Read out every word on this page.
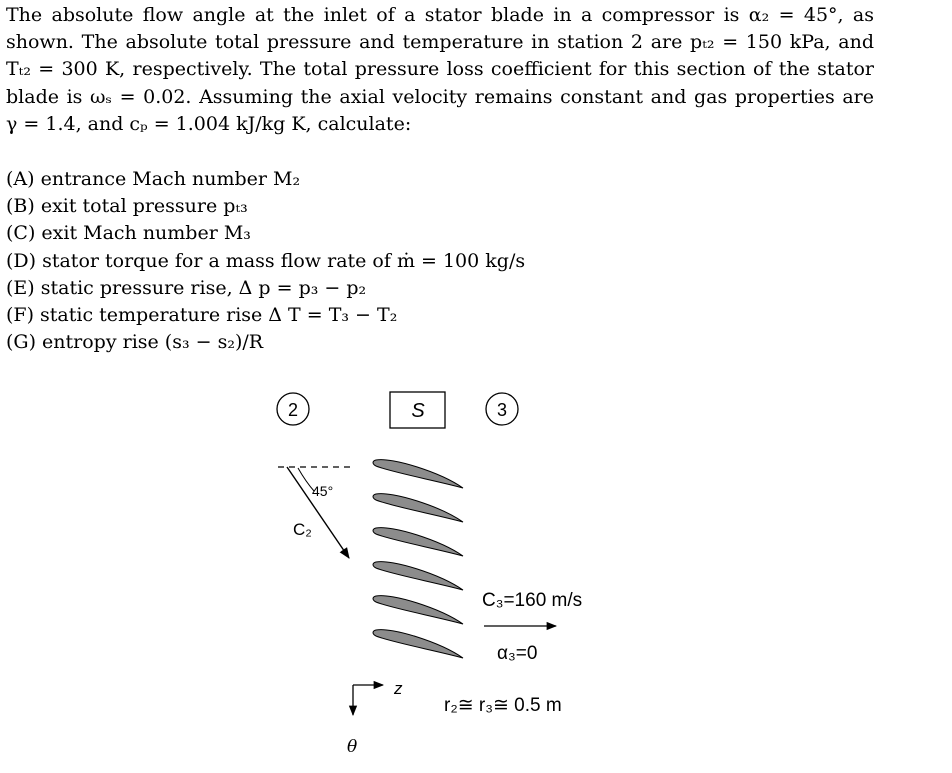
The absolute flow angle at the inlet of a stator blade in a compressor is α₂ = 45°, as
shown. The absolute total pressure and temperature in station 2 are pₜ₂ = 150 kPa, and
Tₜ₂ = 300 K, respectively. The total pressure loss coefficient for this section of the stator
blade is ωₛ = 0.02. Assuming the axial velocity remains constant and gas properties are
γ = 1.4, and cₚ = 1.004 kJ/kg K, calculate:
(A) entrance Mach number M₂
(B) exit total pressure pₜ₃
(C) exit Mach number M₃
(D) stator torque for a mass flow rate of ṁ = 100 kg/s
(E) static pressure rise, Δ p = p₃ − p₂
(F) static temperature rise Δ T = T₃ − T₂
(G) entropy rise (s₃ − s₂)/R
2	S	3
45°
C₂
C₃=160 m/s
α₃=0
z
θ
r₂≅ r₃≅ 0.5 m
